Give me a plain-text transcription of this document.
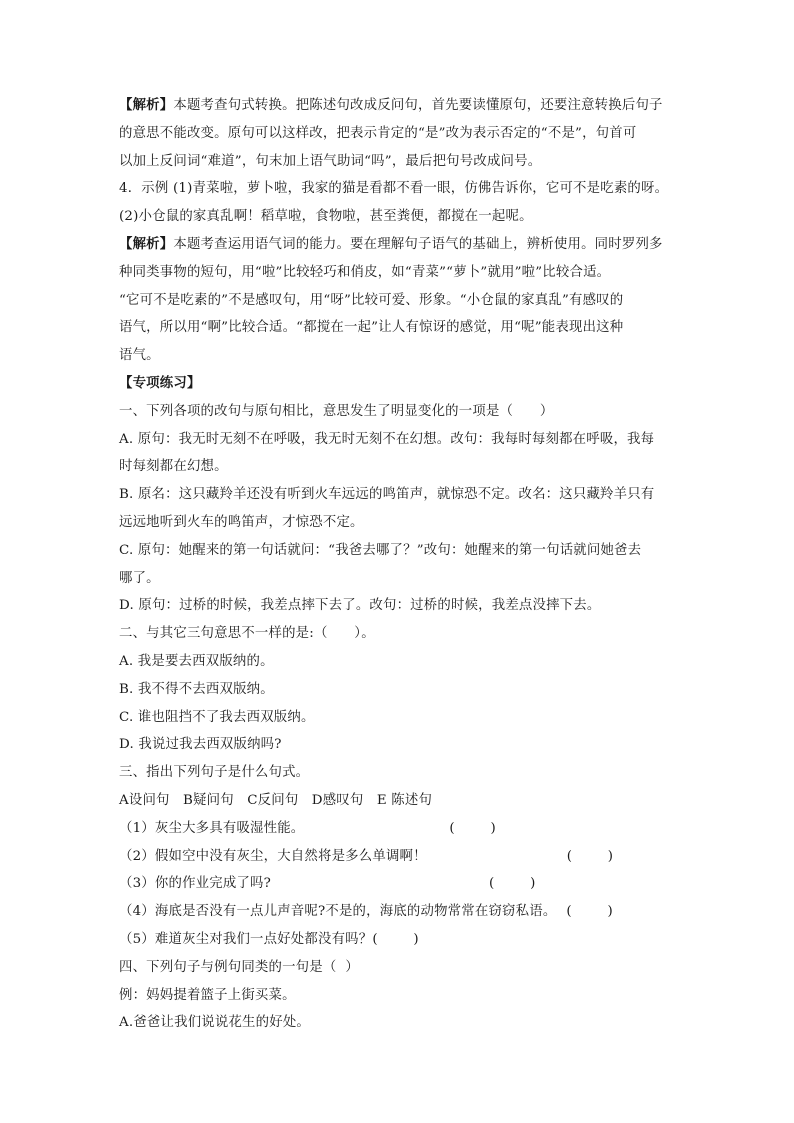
【解析】本题考查句式转换。把陈述句改成反问句，首先要读懂原句，还要注意转换后句子
的意思不能改变。原句可以这样改，把表示肯定的“是”改为表示否定的“不是”，句首可
以加上反问词“难道”，句末加上语气助词“吗”，最后把句号改成问号。
4．示例 (1)青菜啦，萝卜啦，我家的猫是看都不看一眼，仿佛告诉你，它可不是吃素的呀。
(2)小仓鼠的家真乱啊！稻草啦，食物啦，甚至粪便，都搅在一起呢。
【解析】本题考查运用语气词的能力。要在理解句子语气的基础上，辨析使用。同时罗列多
种同类事物的短句，用“啦”比较轻巧和俏皮，如“青菜”“萝卜”就用”啦”比较合适。
“它可不是吃素的”不是感叹句，用“呀”比较可爱、形象。“小仓鼠的家真乱”有感叹的
语气，所以用“啊”比较合适。“都搅在一起”让人有惊讶的感觉，用“呢”能表现出这种
语气。
【专项练习】
一、下列各项的改句与原句相比，意思发生了明显变化的一项是（      ）
A. 原句：我无时无刻不在呼吸，我无时无刻不在幻想。改句：我每时每刻都在呼吸，我每
时每刻都在幻想。
B. 原名：这只藏羚羊还没有听到火车远远的鸣笛声，就惊恐不定。改名：这只藏羚羊只有
远远地听到火车的鸣笛声，才惊恐不定。
C. 原句：她醒来的第一句话就问：“我爸去哪了？”改句：她醒来的第一句话就问她爸去
哪了。
D. 原句：过桥的时候，我差点摔下去了。改句：过桥的时候，我差点没摔下去。
二、与其它三句意思不一样的是:（      ）。
A. 我是要去西双版纳的。
B. 我不得不去西双版纳。
C. 谁也阻挡不了我去西双版纳。
D. 我说过我去西双版纳吗?
三、指出下列句子是什么句式。
A设问句   B疑问句   C反问句   D感叹句   E 陈述句
（1）灰尘大多具有吸湿性能。	(        )
（2）假如空中没有灰尘，大自然将是多么单调啊！	(        )
（3）你的作业完成了吗?	(        )
（4）海底是否没有一点儿声音呢?不是的，海底的动物常常在窃窃私语。 (        )
（5）难道灰尘对我们一点好处都没有吗？(        )
四、下列句子与例句同类的一句是（  ）
例：妈妈提着篮子上街买菜。
A.爸爸让我们说说花生的好处。
